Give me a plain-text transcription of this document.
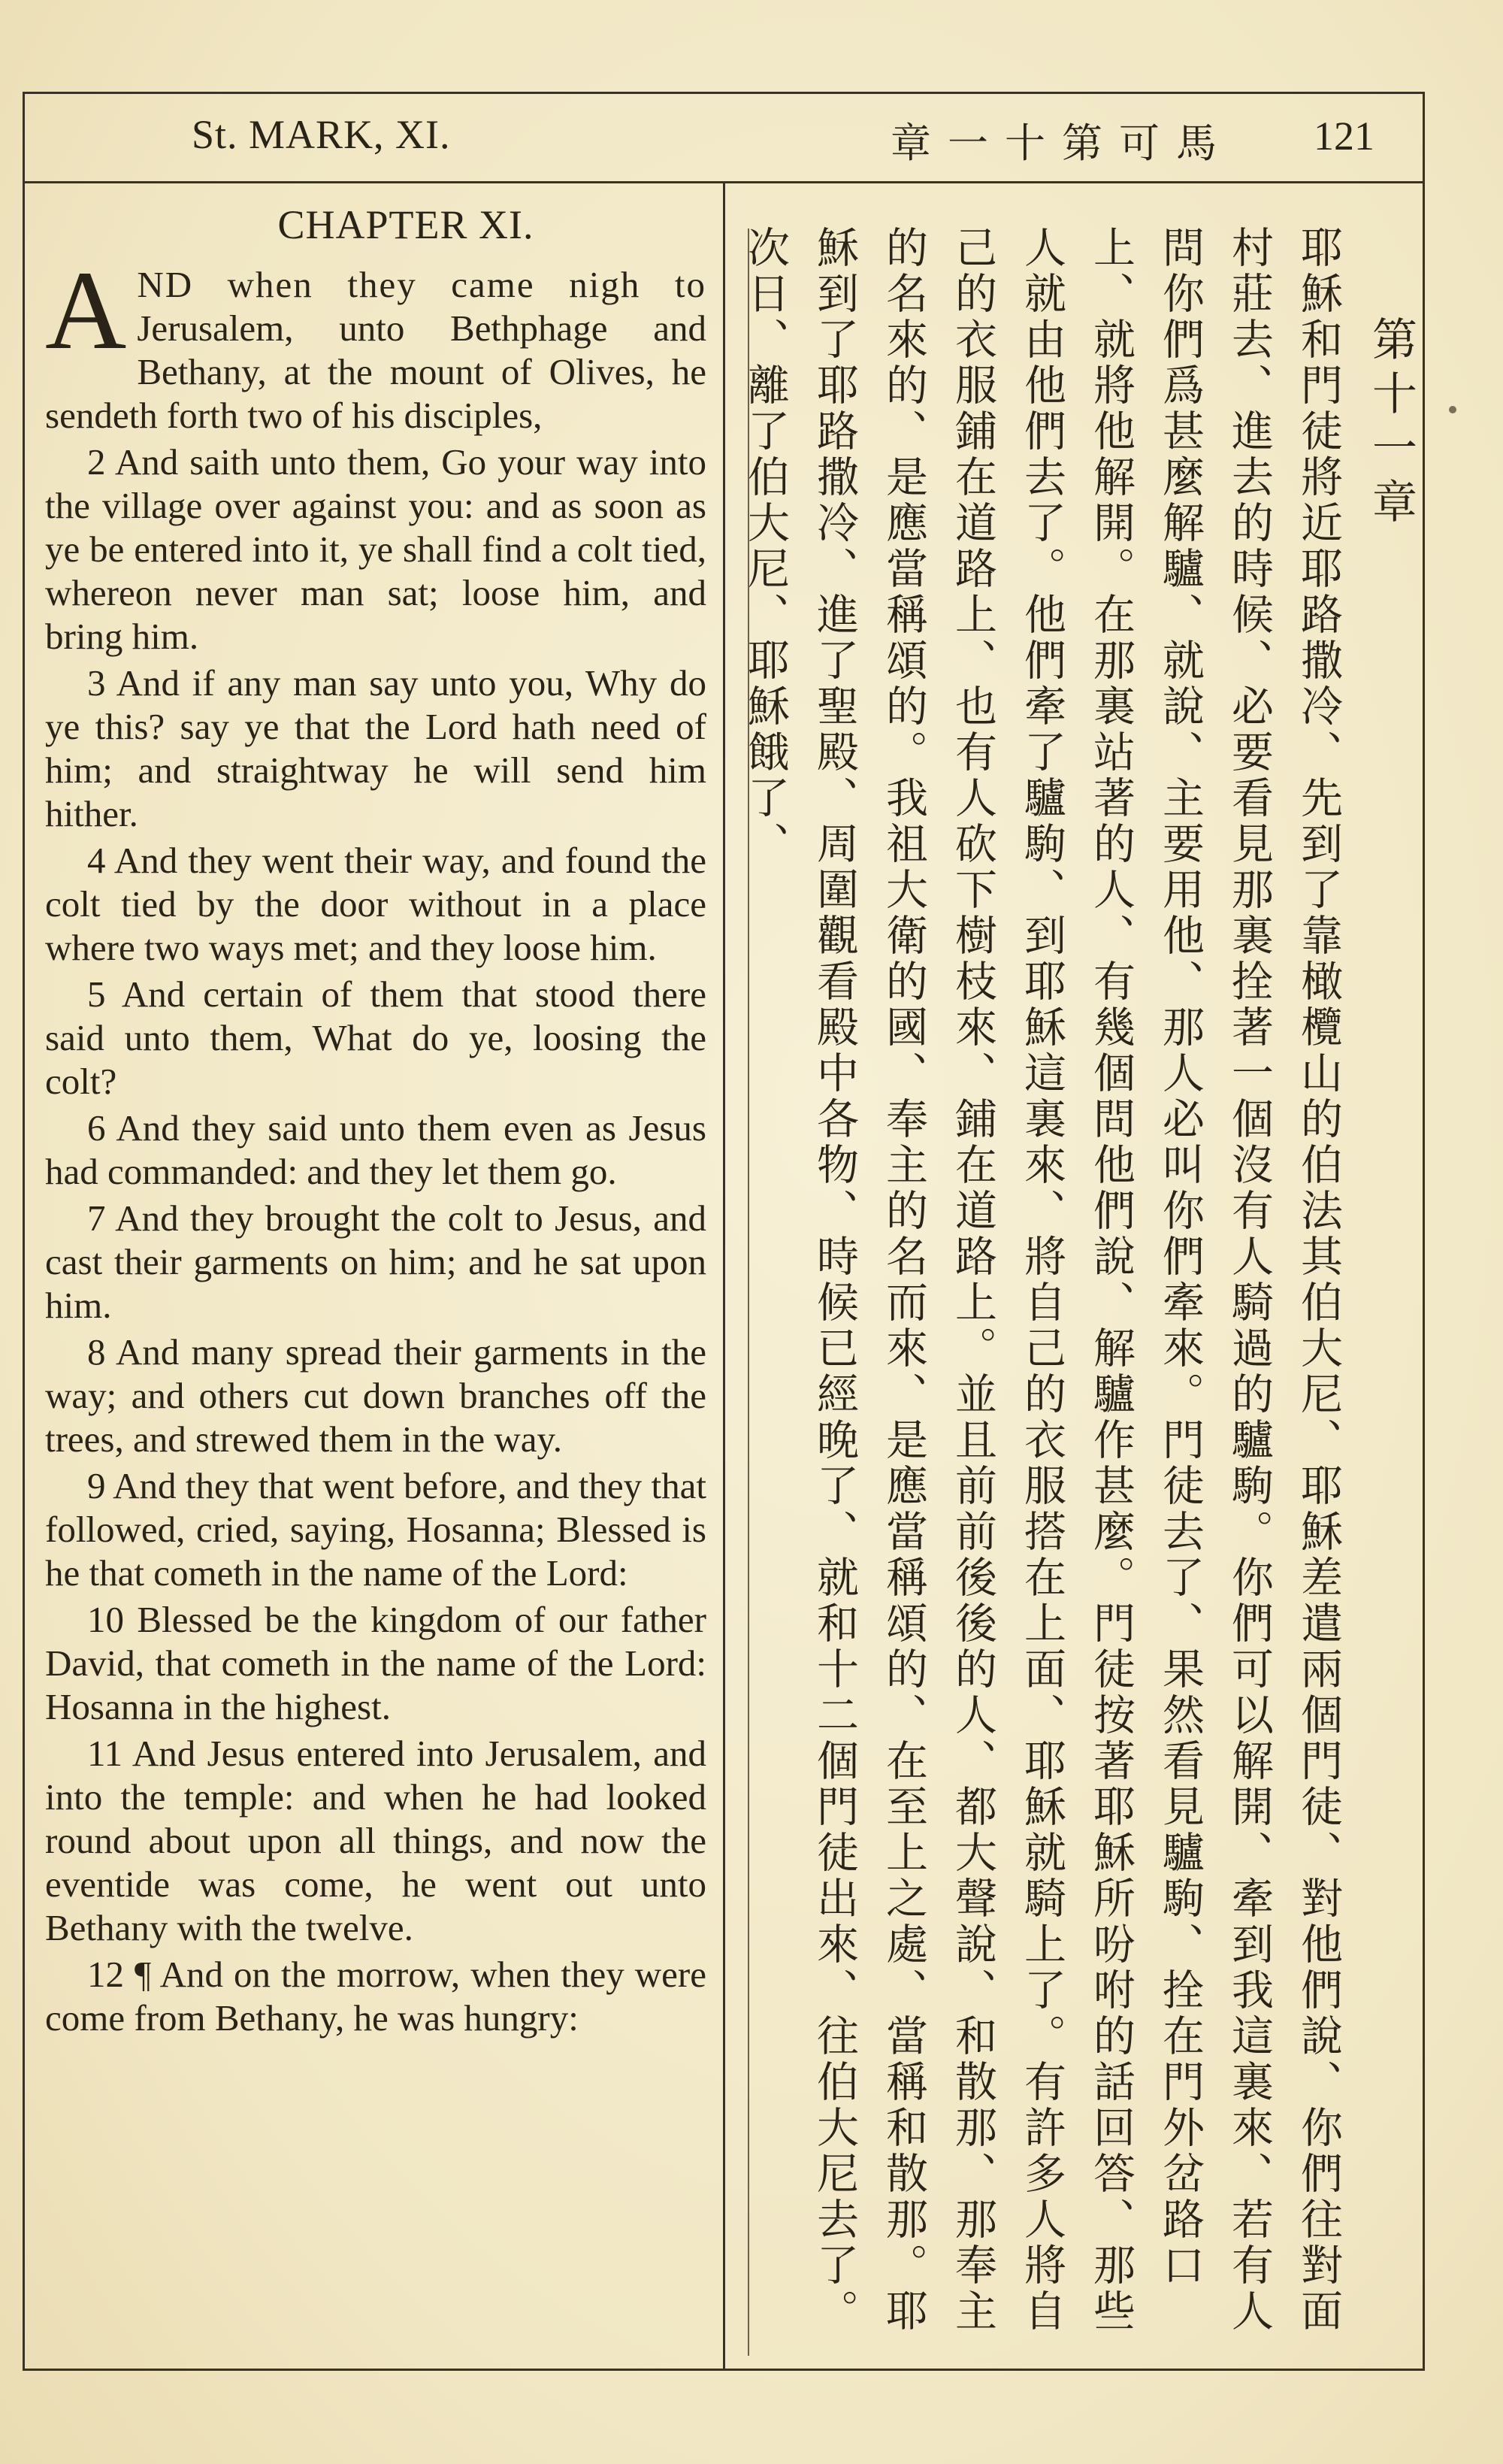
St. MARK, XI.	章一十第可馬 121
CHAPTER XI.

A ND when they came nigh to Jerusalem, unto Bethphage and Bethany, at the mount of Olives, he sendeth forth two of his disciples,

2 And saith unto them, Go your way into the village over against you: and as soon as ye be entered into it, ye shall find a colt tied, whereon never man sat; loose him, and bring him.

3 And if any man say unto you, Why do ye this? say ye that the Lord hath need of him; and straightway he will send him hither.

4 And they went their way, and found the colt tied by the door without in a place where two ways met; and they loose him.

5 And certain of them that stood there said unto them, What do ye, loosing the colt?

6 And they said unto them even as Jesus had commanded: and they let them go.

7 And they brought the colt to Jesus, and cast their garments on him; and he sat upon him.

8 And many spread their garments in the way; and others cut down branches off the trees, and strewed them in the way.

9 And they that went before, and they that followed, cried, saying, Hosanna; Blessed is he that cometh in the name of the Lord:

10 Blessed be the kingdom of our father David, that cometh in the name of the Lord: Hosanna in the highest.

11 And Jesus entered into Jerusalem, and into the temple: and when he had looked round about upon all things, and now the eventide was come, he went out unto Bethany with the twelve.

12 ¶ And on the morrow, when they were come from Bethany, he was hungry:

第十一章
耶穌和門徒將近耶路撒冷、先到了靠橄欖山的伯法其伯大尼、耶穌差遣兩個門徒、對他們說、你們往對面村莊去、進去的時候、必要看見那裏拴著一個沒有人騎過的驢駒。你們可以解開、牽到我這裏來、若有人問你們爲甚麼解驢、就說、主要用他、那人必叫你們牽來。門徒去了、果然看見驢駒、拴在門外岔路口上、就將他解開。在那裏站著的人、有幾個問他們說、解驢作甚麼。門徒按著耶穌所吩咐的話回答、那些人就由他們去了。他們牽了驢駒、到耶穌這裏來、將自己的衣服搭在上面、耶穌就騎上了。有許多人將自己的衣服鋪在道路上、也有人砍下樹枝來、鋪在道路上。並且前前後後的人、都大聲說、和散那、那奉主的名來的、是應當稱頌的。我祖大衛的國、奉主的名而來、是應當稱頌的、在至上之處、當稱和散那。耶穌到了耶路撒冷、進了聖殿、周圍觀看殿中各物、時候已經晚了、就和十二個門徒出來、往伯大尼去了。次日、離了伯大尼、耶穌餓了、
